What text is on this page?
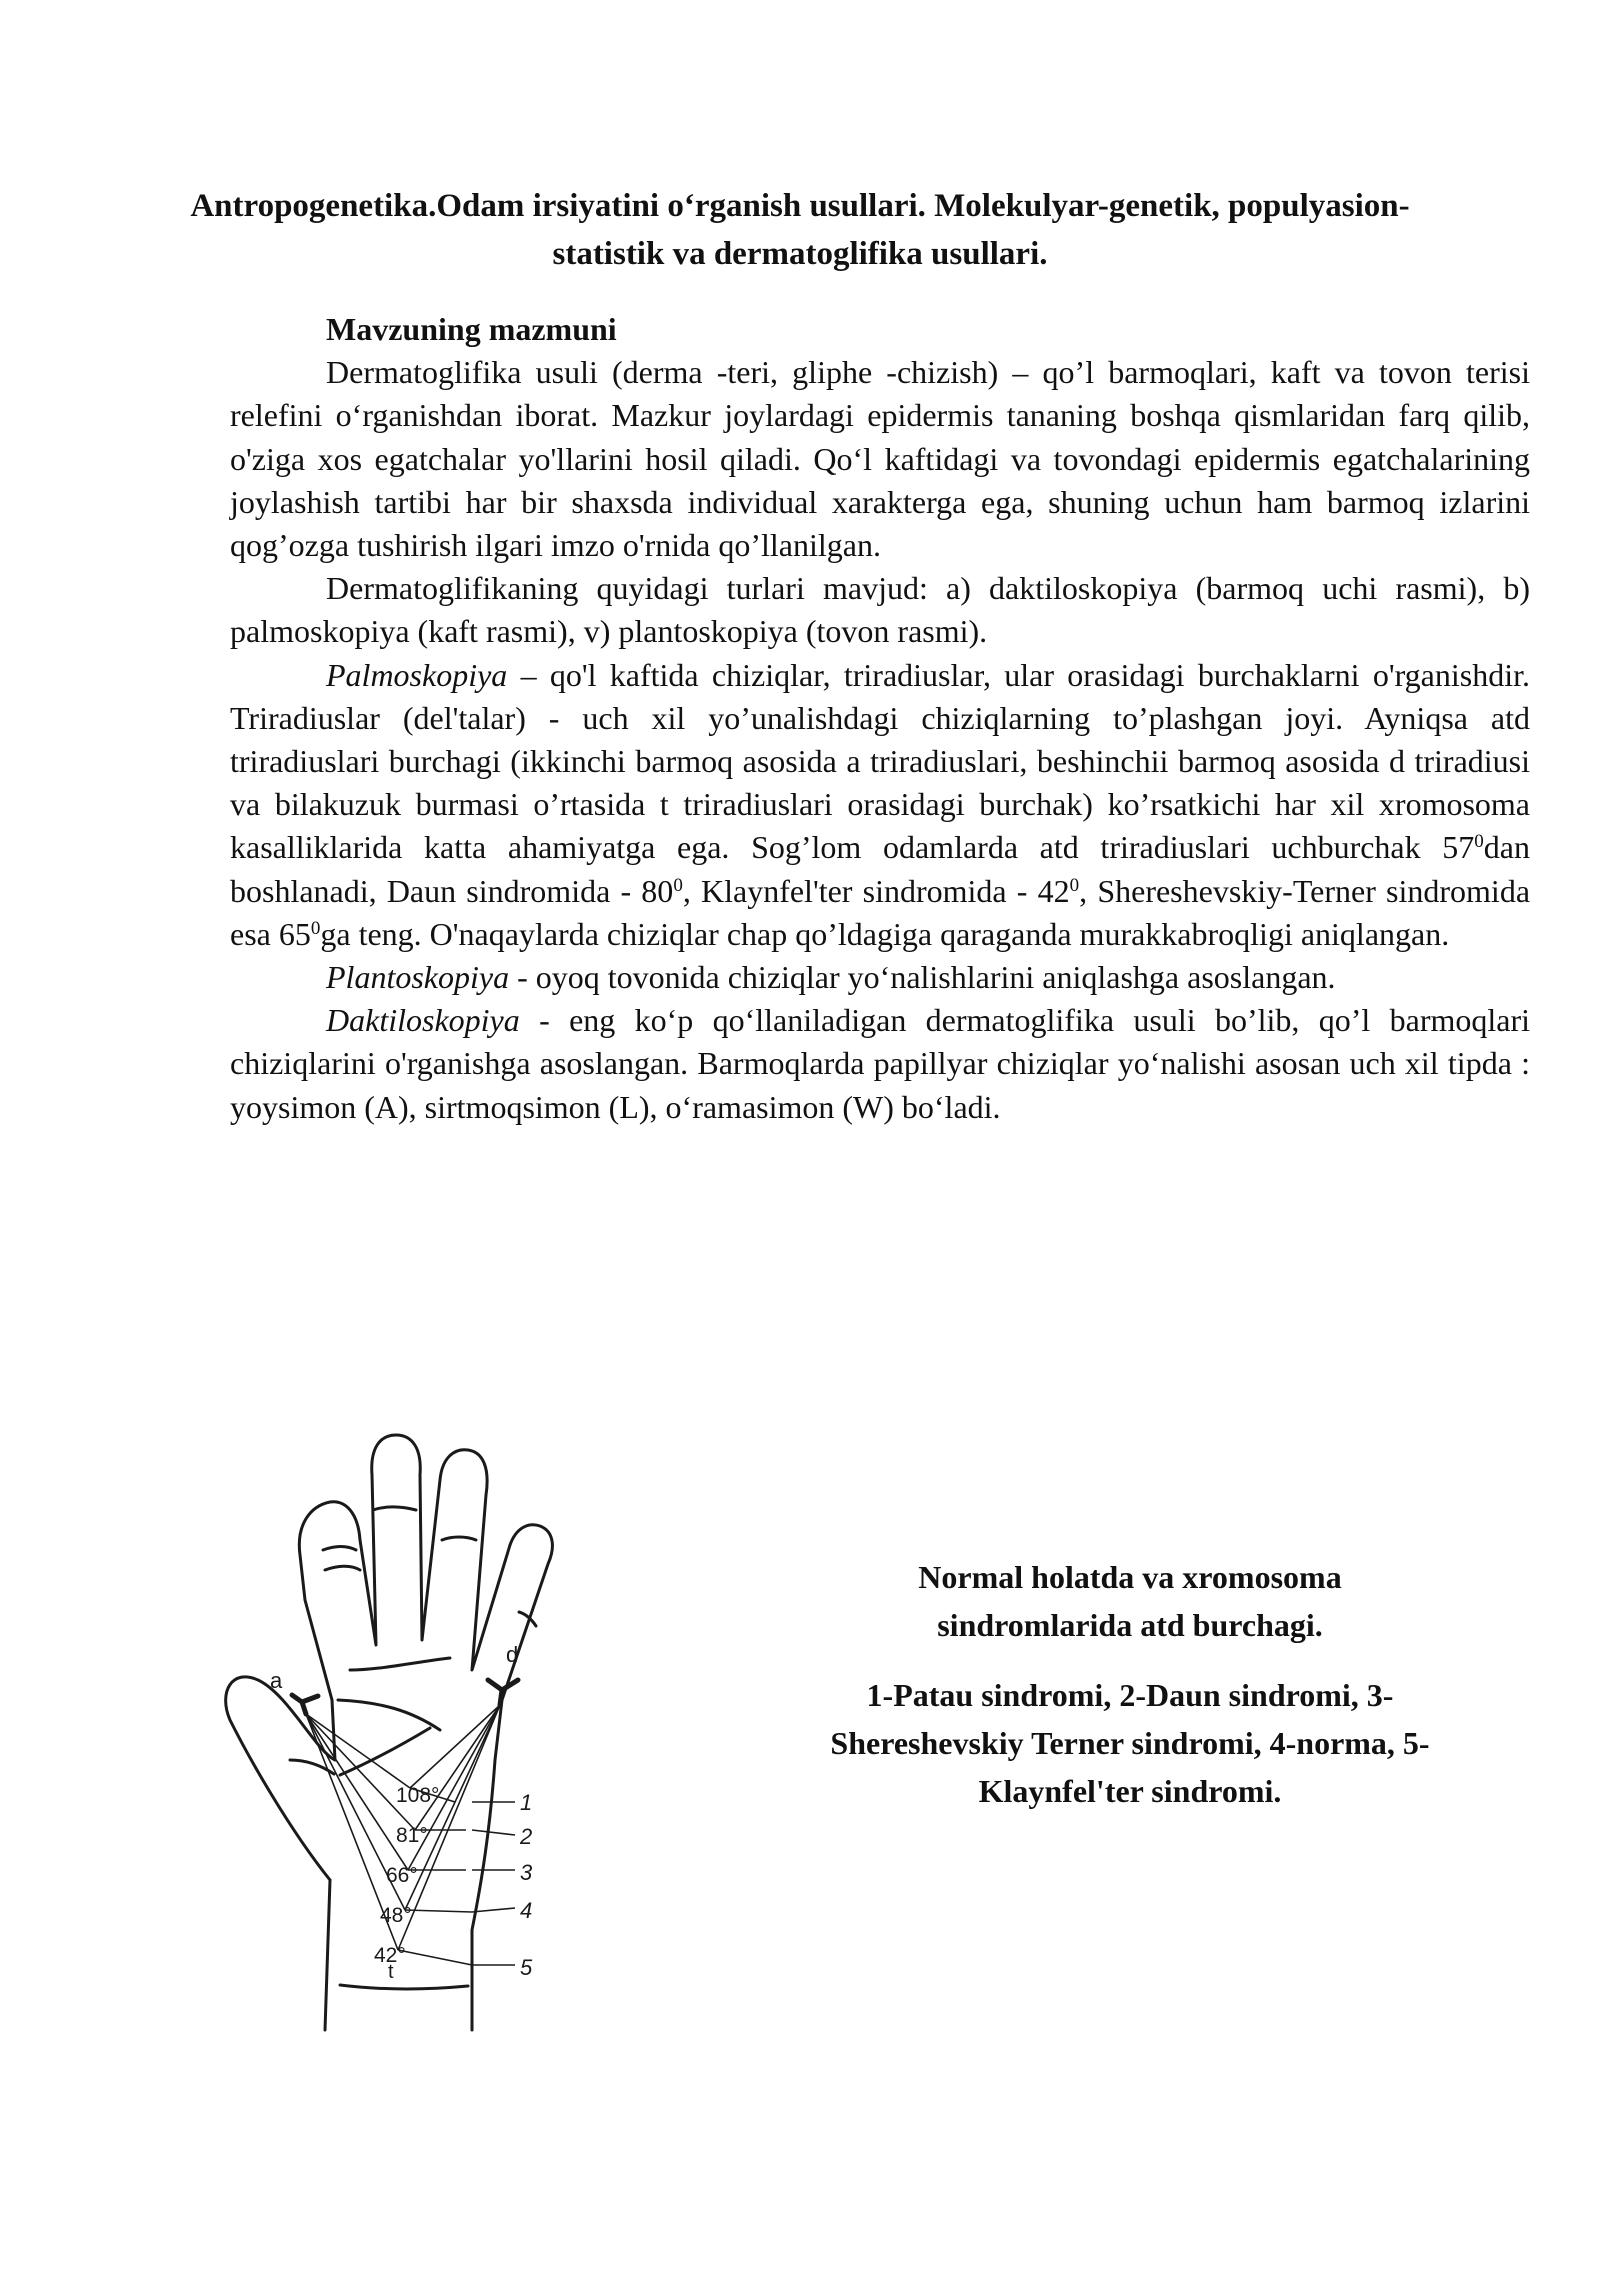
Antropogenetika.Odam irsiyatini o‘rganish usullari. Molekulyar-genetik, populyasion-
statistik va dermatoglifika usullari.

Mavzuning mazmuni

Dermatoglifika usuli (derma -teri, gliphe -chizish) – qo’l barmoqlari, kaft va tovon terisi relefini o‘rganishdan iborat. Mazkur joylardagi epidermis tananing boshqa qismlaridan farq qilib, o'ziga xos egatchalar yo'llarini hosil qiladi. Qo‘l kaftidagi va tovondagi epidermis egatchalarining joylashish tartibi har bir shaxsda individual xarakterga ega, shuning uchun ham barmoq izlarini qog’ozga tushirish ilgari imzo o'rnida qo’llanilgan.

Dermatoglifikaning quyidagi turlari mavjud: a) daktiloskopiya (barmoq uchi rasmi), b) palmoskopiya (kaft rasmi), v) plantoskopiya (tovon rasmi).

Palmoskopiya – qo'l kaftida chiziqlar, triradiuslar, ular orasidagi burchaklarni o'rganishdir. Triradiuslar (del'talar) - uch xil yo’unalishdagi chiziqlarning to’plashgan joyi. Ayniqsa atd triradiuslari burchagi (ikkinchi barmoq asosida a triradiuslari, beshinchii barmoq asosida d triradiusi va bilakuzuk burmasi o’rtasida t triradiuslari orasidagi burchak) ko’rsatkichi har xil xromosoma kasalliklarida katta ahamiyatga ega. Sog’lom odamlarda atd triradiuslari uchburchak $57^0dan$ boshlanadi, Daun sindromida - $80^0$, Klaynfel'ter sindromida - $42^0$, Shereshevskiy-Terner sindromida esa $65^0ga$ teng. O'naqaylarda chiziqlar chap qo’ldagiga qaraganda murakkabroqligi aniqlangan.

Plantoskopiya - oyoq tovonida chiziqlar yo‘nalishlarini aniqlashga asoslangan.

Daktiloskopiya - eng ko‘p qo‘llaniladigan dermatoglifika usuli bo’lib, qo’l barmoqlari chiziqlarini o'rganishga asoslangan. Barmoqlarda papillyar chiziqlar yo‘nalishi asosan uch xil tipda : yoysimon (A), sirtmoqsimon (L), o‘ramasimon (W) bo‘ladi.

a
d
t
108°
81°
66°
48°
42°
1
2
3
4
5

Normal holatda va xromosoma
sindromlarida atd burchagi.

1-Patau sindromi, 2-Daun sindromi, 3-Shereshevskiy Terner sindromi, 4-norma, 5-Klaynfel'ter sindromi.
